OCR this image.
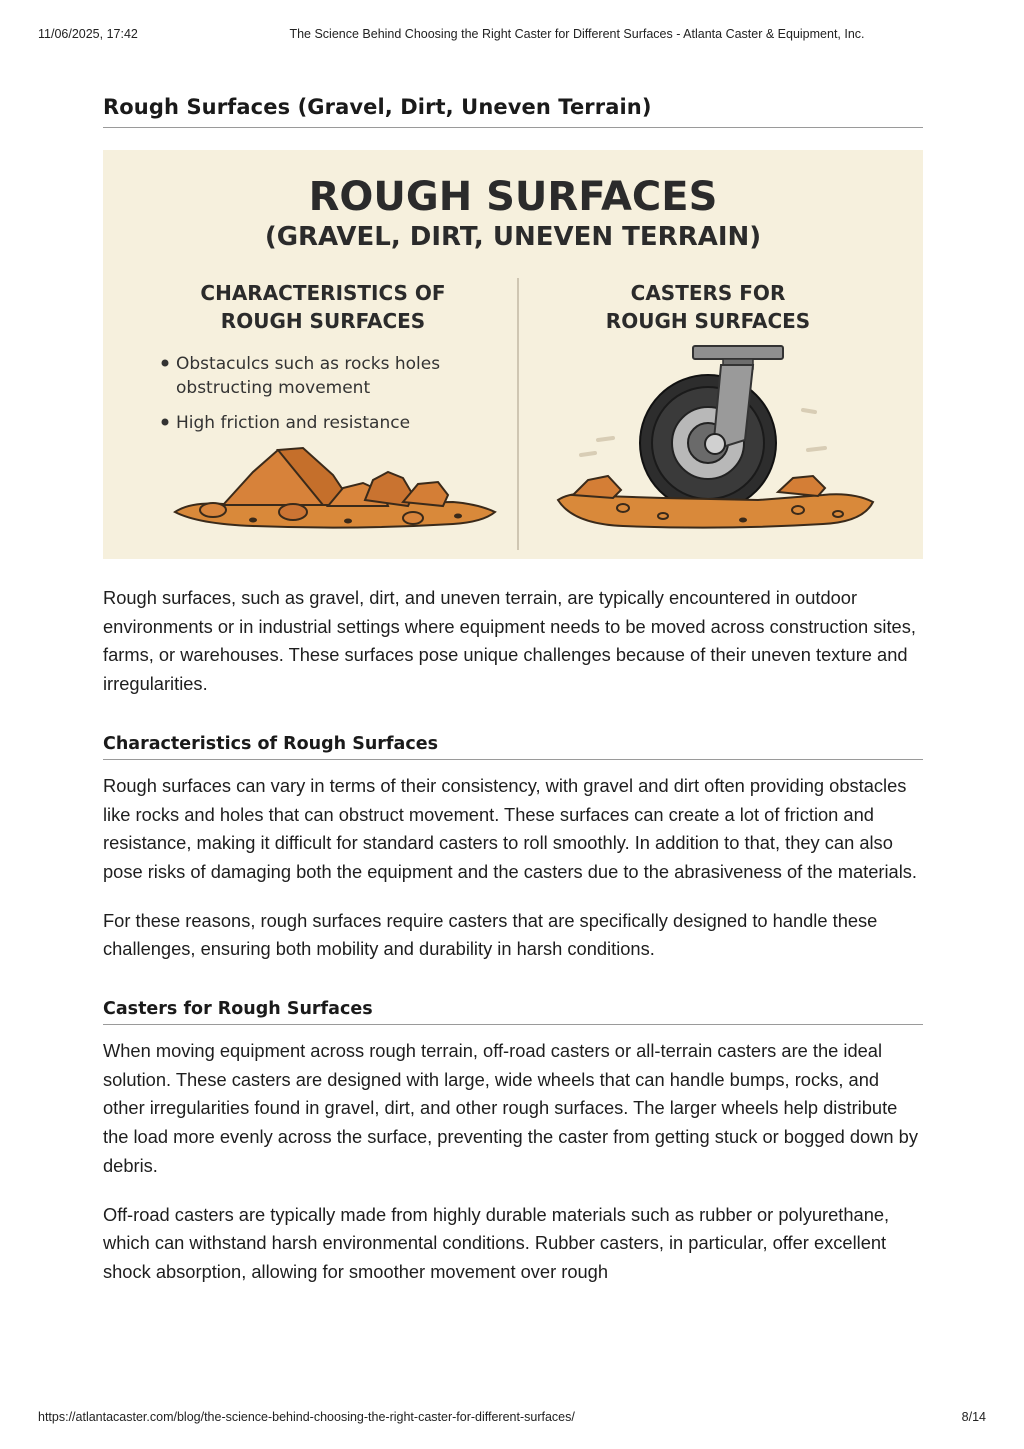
11/06/2025, 17:42	The Science Behind Choosing the Right Caster for Different Surfaces - Atlanta Caster & Equipment, Inc.
Rough Surfaces (Gravel, Dirt, Uneven Terrain)
ROUGH SURFACES
(GRAVEL, DIRT, UNEVEN TERRAIN)
CHARACTERISTICS OF
ROUGH SURFACES
Obstaculcs such as rocks holes
obstructing movement
High friction and resistance
CASTERS FOR
ROUGH SURFACES

Rough surfaces, such as gravel, dirt, and uneven terrain, are typically encountered in outdoor environments or in industrial settings where equipment needs to be moved across construction sites, farms, or warehouses. These surfaces pose unique challenges because of their uneven texture and irregularities.

Characteristics of Rough Surfaces

Rough surfaces can vary in terms of their consistency, with gravel and dirt often providing obstacles like rocks and holes that can obstruct movement. These surfaces can create a lot of friction and resistance, making it difficult for standard casters to roll smoothly. In addition to that, they can also pose risks of damaging both the equipment and the casters due to the abrasiveness of the materials.

For these reasons, rough surfaces require casters that are specifically designed to handle these challenges, ensuring both mobility and durability in harsh conditions.

Casters for Rough Surfaces

When moving equipment across rough terrain, off-road casters or all-terrain casters are the ideal solution. These casters are designed with large, wide wheels that can handle bumps, rocks, and other irregularities found in gravel, dirt, and other rough surfaces. The larger wheels help distribute the load more evenly across the surface, preventing the caster from getting stuck or bogged down by debris.

Off-road casters are typically made from highly durable materials such as rubber or polyurethane, which can withstand harsh environmental conditions. Rubber casters, in particular, offer excellent shock absorption, allowing for smoother movement over rough

https://atlantacaster.com/blog/the-science-behind-choosing-the-right-caster-for-different-surfaces/	8/14
